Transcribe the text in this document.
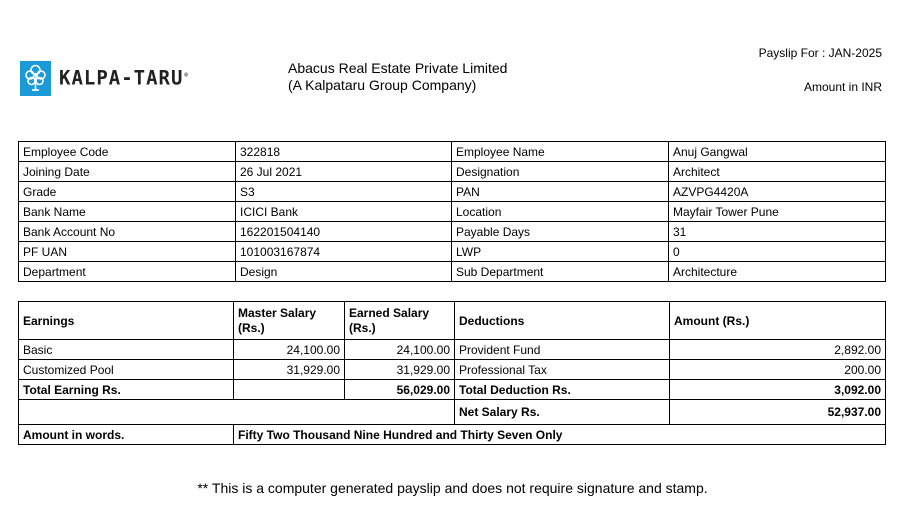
KALPA-TARU®	Abacus Real Estate Private Limited
(A Kalpataru Group Company)
Payslip For : JAN-2025
Amount in INR
Employee Code	322818	Employee Name	Anuj Gangwal
Joining Date	26 Jul 2021	Designation	Architect
Grade	S3	PAN	AZVPG4420A
Bank Name	ICICI Bank	Location	Mayfair Tower Pune
Bank Account No	162201504140	Payable Days	31
PF UAN	101003167874	LWP	0
Department	Design	Sub Department	Architecture
Earnings	Master Salary (Rs.)	Earned Salary (Rs.)	Deductions	Amount (Rs.)
Basic	24,100.00	24,100.00	Provident Fund	2,892.00
Customized Pool	31,929.00	31,929.00	Professional Tax	200.00
Total Earning Rs.		56,029.00	Total Deduction Rs.	3,092.00
			Net Salary Rs.	52,937.00
Amount in words.	Fifty Two Thousand Nine Hundred and Thirty Seven Only			
** This is a computer generated payslip and does not require signature and stamp.
